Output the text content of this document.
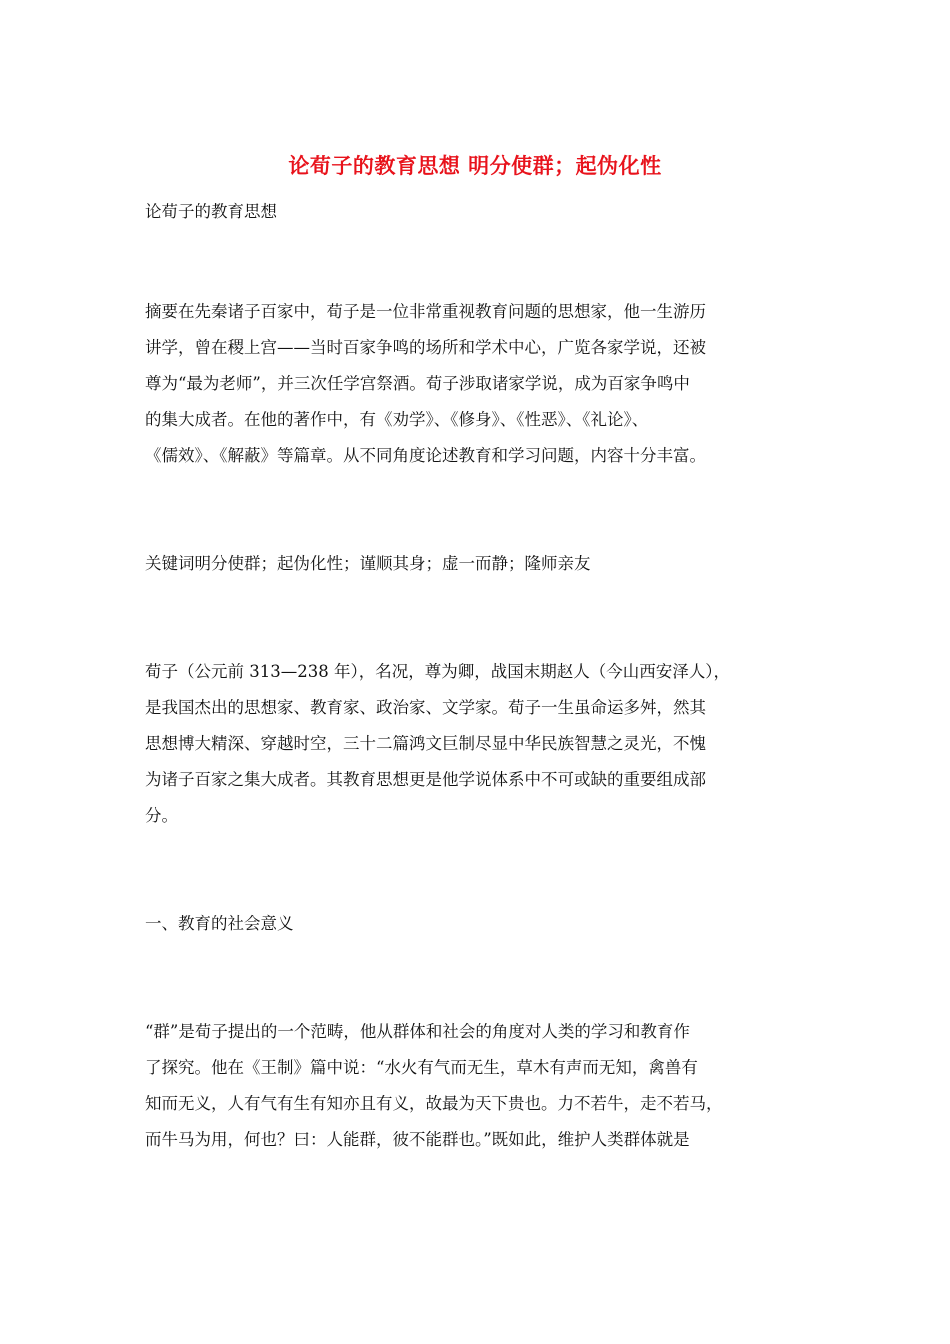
论荀子的教育思想 明分使群；起伪化性
论荀子的教育思想
摘要在先秦诸子百家中，荀子是一位非常重视教育问题的思想家，他一生游历
讲学，曾在稷上宫——当时百家争鸣的场所和学术中心，广览各家学说，还被
尊为“最为老师”，并三次任学宫祭酒。荀子涉取诸家学说，成为百家争鸣中
的集大成者。在他的著作中，有《劝学》、《修身》、《性恶》、《礼论》、
《儒效》、《解蔽》等篇章。从不同角度论述教育和学习问题，内容十分丰富。
关键词明分使群；起伪化性；谨顺其身；虚一而静；隆师亲友
荀子（公元前 313—238 年），名况，尊为卿，战国末期赵人（今山西安泽人），
是我国杰出的思想家、教育家、政治家、文学家。荀子一生虽命运多舛，然其
思想博大精深、穿越时空，三十二篇鸿文巨制尽显中华民族智慧之灵光，不愧
为诸子百家之集大成者。其教育思想更是他学说体系中不可或缺的重要组成部
分。
一、教育的社会意义
“群”是荀子提出的一个范畴，他从群体和社会的角度对人类的学习和教育作
了探究。他在《王制》篇中说：“水火有气而无生，草木有声而无知，禽兽有
知而无义，人有气有生有知亦且有义，故最为天下贵也。力不若牛，走不若马，
而牛马为用，何也？曰：人能群，彼不能群也。”既如此，维护人类群体就是
